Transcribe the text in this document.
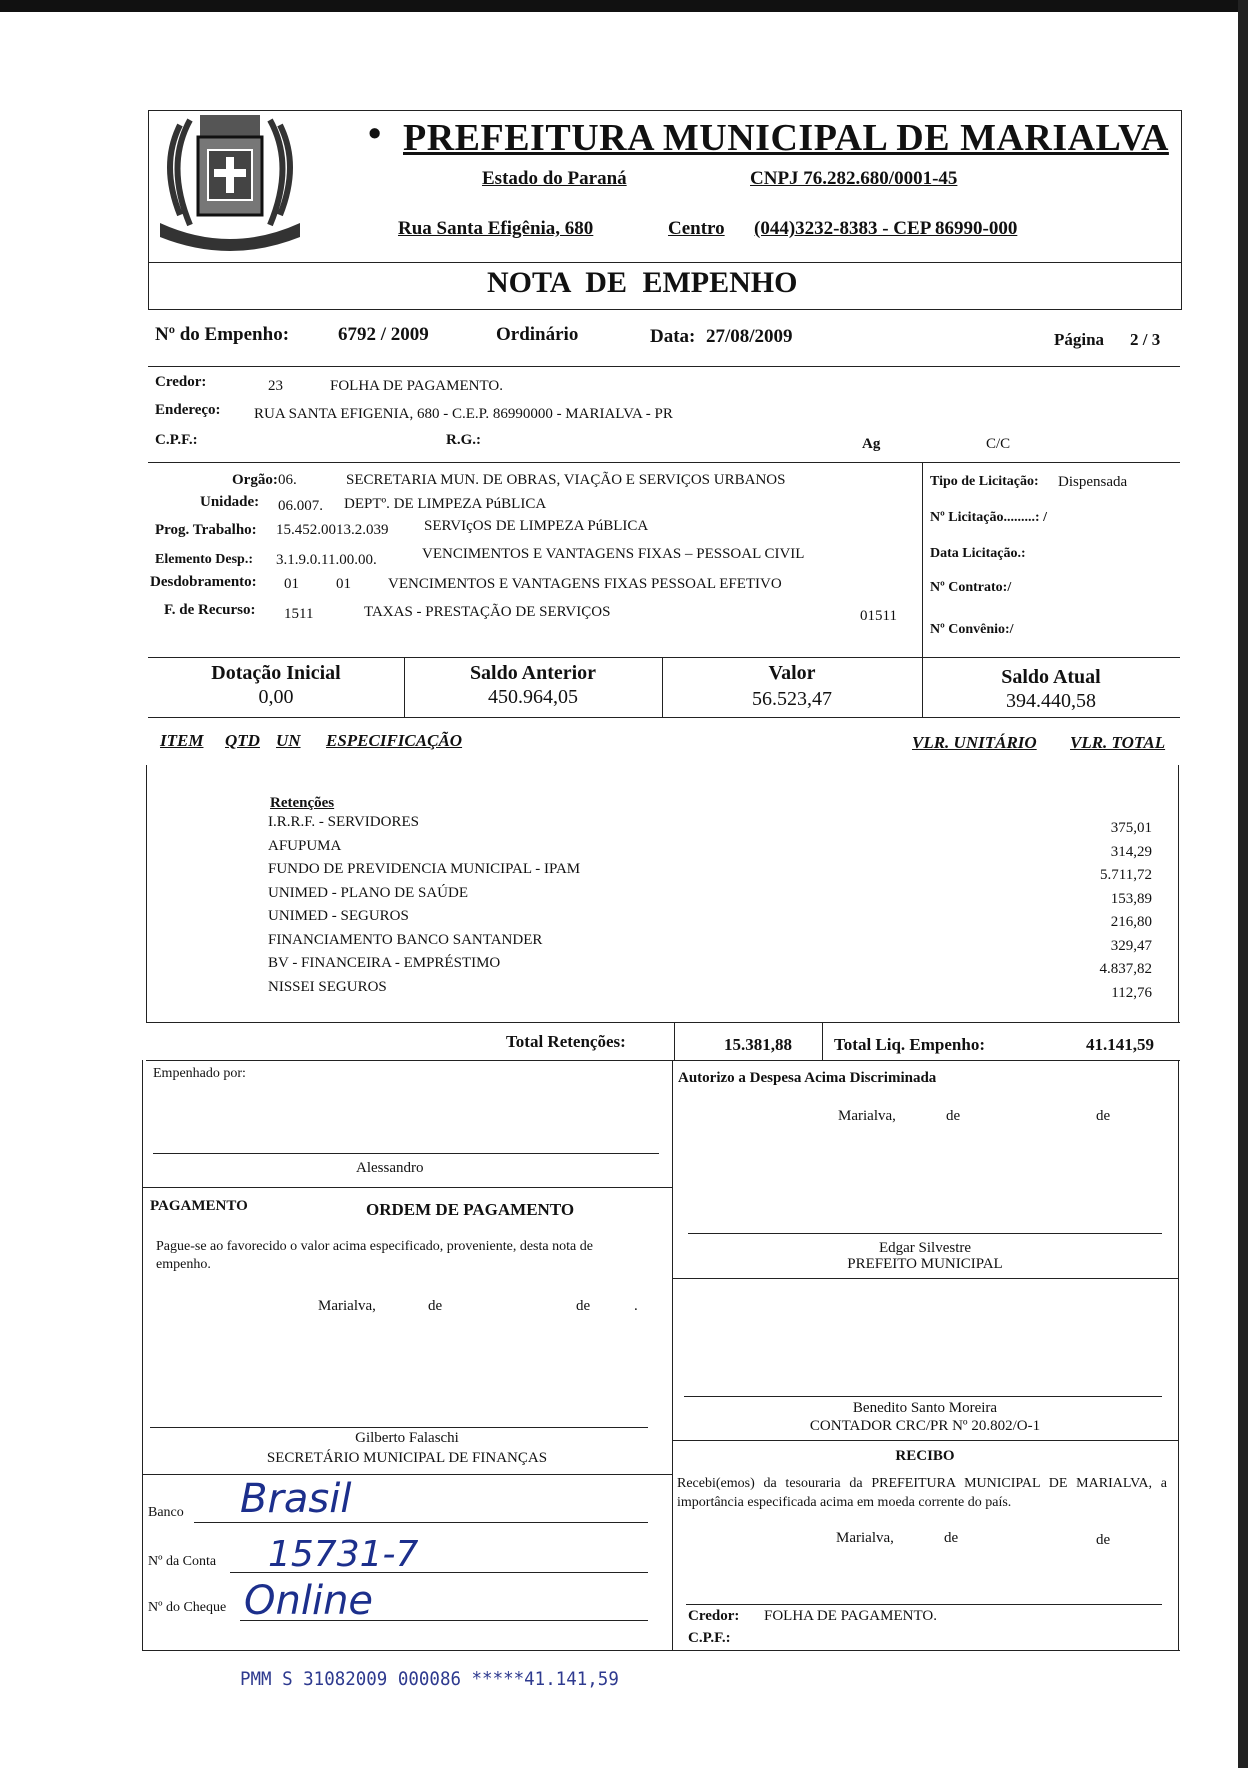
MARIALVA
• PREFEITURA MUNICIPAL DE MARIALVA
Estado do Paraná	CNPJ 76.282.680/0001-45
Rua Santa Efigênia, 680	Centro (044)3232-8383 - CEP 86990-000
NOTA DE EMPENHO
Nº do Empenho:	6792 / 2009	Ordinário	Data: 27/08/2009	Página 2 / 3
Credor:	23	FOLHA DE PAGAMENTO.
Endereço: RUA SANTA EFIGENIA, 680 - C.E.P. 86990000 - MARIALVA - PR
C.P.F.:	R.G.:	Ag	C/C
Orgão: 06.	SECRETARIA MUN. DE OBRAS, VIAÇÃO E SERVIÇOS URBANOS
Unidade: 06.007. DEPTº. DE LIMPEZA PúBLICA
Prog. Trabalho: 15.452.0013.2.039 SERVIçOS DE LIMPEZA PúBLICA
Elemento Desp.: 3.1.9.0.11.00.00.	VENCIMENTOS E VANTAGENS FIXAS – PESSOAL CIVIL
Desdobramento: 01 01 VENCIMENTOS E VANTAGENS FIXAS PESSOAL EFETIVO
F. de Recurso: 1511	TAXAS - PRESTAÇÃO DE SERVIÇOS	01511
Tipo de Licitação: Dispensada
Nº Licitação.........: /
Data Licitação.:
Nº Contrato:/
Nº Convênio:/
Dotação Inicial
0,00
Saldo Anterior
450.964,05
Valor
56.523,47
Saldo Atual
394.440,58
ITEM QTD UN ESPECIFICAÇÃO	VLR. UNITÁRIO VLR. TOTAL
Retenções
I.R.R.F. - SERVIDORES	375,01
AFUPUMA	314,29
FUNDO DE PREVIDENCIA MUNICIPAL - IPAM	5.711,72
UNIMED - PLANO DE SAÚDE	153,89
UNIMED - SEGUROS	216,80
FINANCIAMENTO BANCO SANTANDER	329,47
BV - FINANCEIRA - EMPRÉSTIMO	4.837,82
NISSEI SEGUROS	112,76
Total Retenções:	15.381,88 Total Liq. Empenho:	41.141,59
Empenhado por:
Alessandro
PAGAMENTO	ORDEM DE PAGAMENTO
Pague-se ao favorecido o valor acima especificado, proveniente, desta nota de empenho.
Marialva,	de	de	.
Gilberto Falaschi
SECRETÁRIO MUNICIPAL DE FINANÇAS
Banco Brasil
Nº da Conta 15731-7
Nº do Cheque Online
Autorizo a Despesa Acima Discriminada
Marialva,	de	de
Edgar Silvestre
PREFEITO MUNICIPAL
Benedito Santo Moreira
CONTADOR CRC/PR Nº 20.802/O-1
RECIBO
Recebi(emos) da tesouraria da PREFEITURA MUNICIPAL DE MARIALVA, a importância especificada acima em moeda corrente do país.
Marialva,	de	de
Credor: FOLHA DE PAGAMENTO.
C.P.F.:
PMM S 31082009 000086 *****41.141,59
